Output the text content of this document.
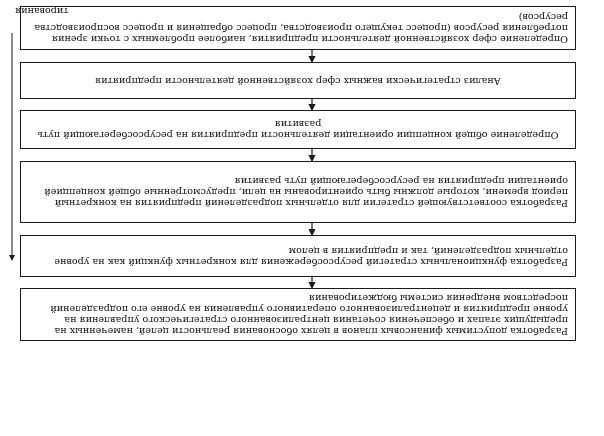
Определение сфер хозяйственной деятельности предприятия, наиболее проблемных с точки зрения потребления ресурсов (процесс текущего производства, процесс обращения и процесс воспроизводства ресурсов)
Анализ стратегически важных сфер хозяйственной деятельности предприятия
Определение общей концепции ориентации деятельности предприятия на ресурсосберегающий путь развития
Разработка соответствующей стратегии для отдельных подразделений предприятия на конкретный период времени, которые должны быть ориентированы на цели, предусмотренные общей концепцией ориентации предприятия на ресурсосберегающий путь развития
Разработка функциональных стратегий ресурсосбережения для конкретных функций как на уровне отдельных подразделений, так и предприятия в целом
Разработка допустимых финансовых планов в целях обоснования реальности целей, намеченных на предыдущих этапах и обеспечения сочетания централизованного стратегического управления на уровне предприятия и децентрализованного оперативного управления на уровне его подразделений посредством внедрения системы бюджетирования
тирования
